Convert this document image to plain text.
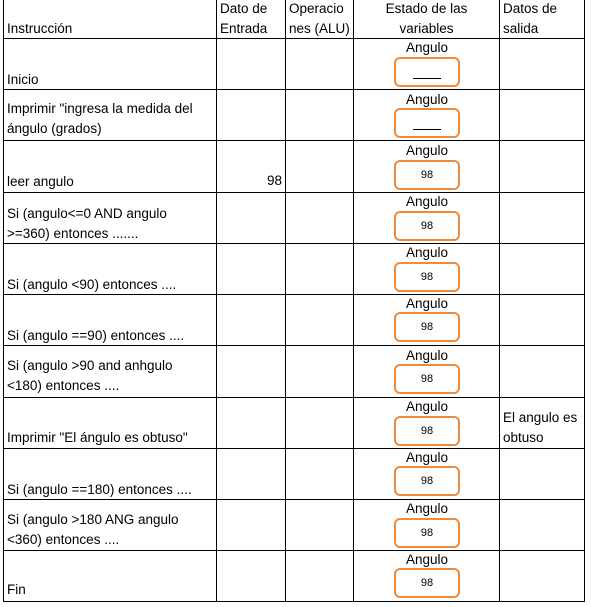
Instrucción
Dato de
Entrada
Operacio
nes (ALU)
Estado de las
variables
Datos de
salida
Inicio
Angulo
Imprimir "ingresa la medida del
ángulo (grados)
Angulo
leer angulo	98
Angulo
98
Si (angulo<=0 AND angulo
>=360) entonces .......
Angulo
98
Si (angulo <90) entonces ....
Angulo
98
Si (angulo ==90) entonces ....
Angulo
98
Si (angulo >90 and anhgulo
<180) entonces ....
Angulo
98
Imprimir "El ángulo es obtuso"
Angulo
98
El angulo es
obtuso
Si (angulo ==180) entonces ....
Angulo
98
Si (angulo >180 ANG angulo
<360) entonces ....
Angulo
98
Fin
Angulo
98
